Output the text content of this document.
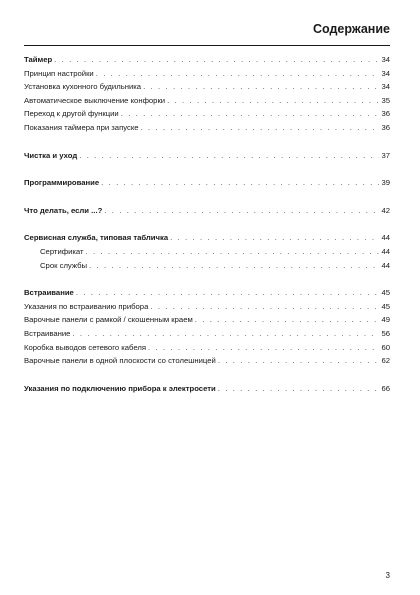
Содержание
Таймер . . .	34
Принцип настройки . . .	34
Установка кухонного будильника . . .	34
Автоматическое выключение конфорки . . .	35
Переход к другой функции . . .	36
Показания таймера при запуске . . .	36
Чистка и уход . . .	37
Программирование . . .	39
Что делать, если ...? . . .	42
Сервисная служба, типовая табличка . . .	44
Сертификат . . .	44
Срок службы . . .	44
Встраивание . . .	45
Указания по встраиванию прибора . . .	45
Варочные панели с рамкой / скошенным краем . . .	49
Встраивание . . .	56
Коробка выводов сетевого кабеля . . .	60
Варочные панели в одной плоскости со столешницей . . .	62
Указания по подключению прибора к электросети . . .	66
3
